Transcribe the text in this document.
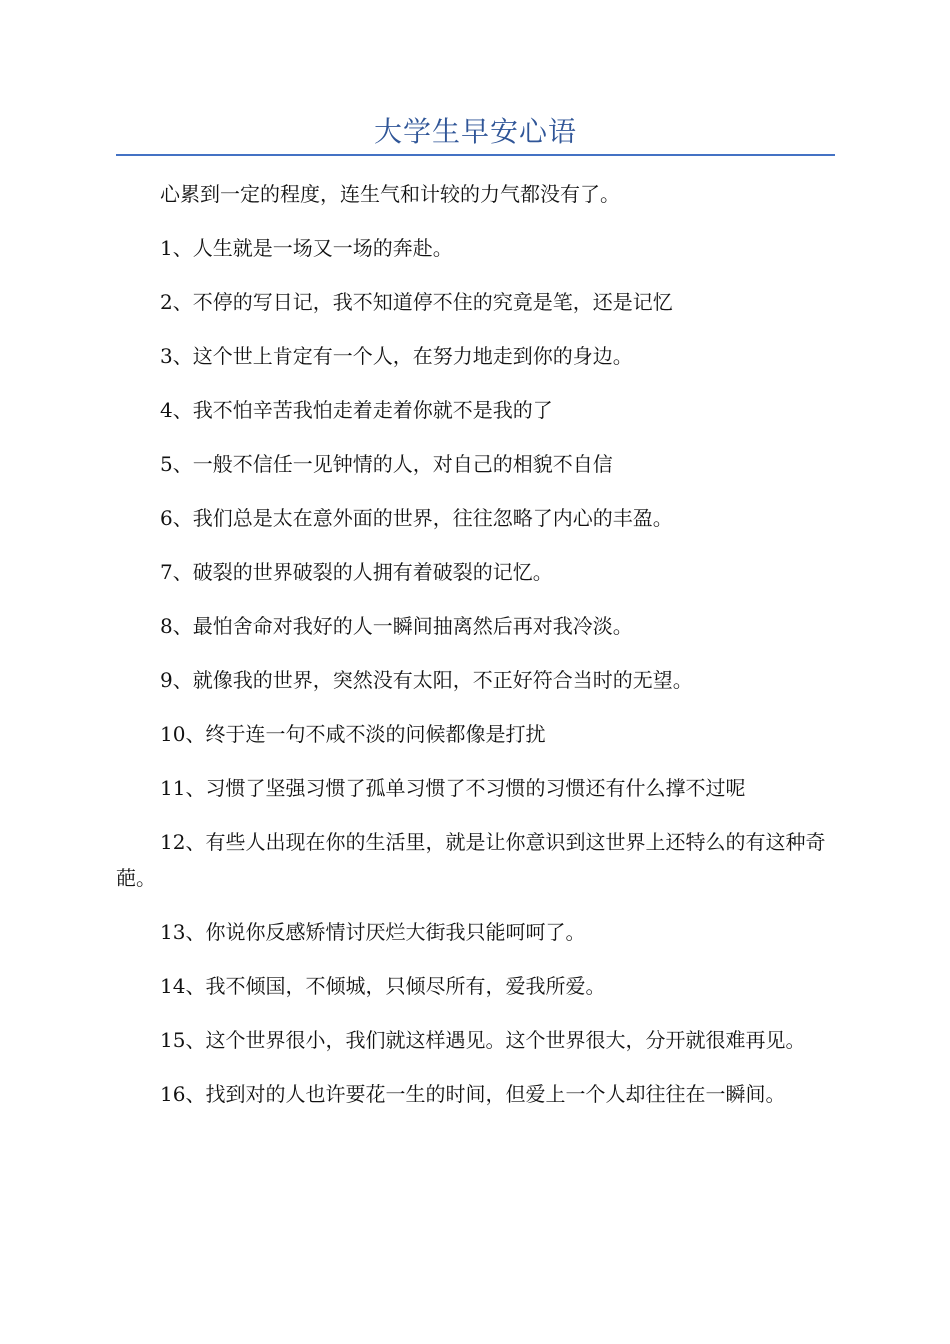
大学生早安心语

心累到一定的程度，连生气和计较的力气都没有了。

1、人生就是一场又一场的奔赴。

2、不停的写日记，我不知道停不住的究竟是笔，还是记忆

3、这个世上肯定有一个人，在努力地走到你的身边。

4、我不怕辛苦我怕走着走着你就不是我的了

5、一般不信任一见钟情的人，对自己的相貌不自信

6、我们总是太在意外面的世界，往往忽略了内心的丰盈。

7、破裂的世界破裂的人拥有着破裂的记忆。

8、最怕舍命对我好的人一瞬间抽离然后再对我冷淡。

9、就像我的世界，突然没有太阳，不正好符合当时的无望。

10、终于连一句不咸不淡的问候都像是打扰

11、习惯了坚强习惯了孤单习惯了不习惯的习惯还有什么撑不过呢

12、有些人出现在你的生活里，就是让你意识到这世界上还特么的有这种奇葩。

13、你说你反感矫情讨厌烂大街我只能呵呵了。

14、我不倾国，不倾城，只倾尽所有，爱我所爱。

15、这个世界很小，我们就这样遇见。这个世界很大，分开就很难再见。

16、找到对的人也许要花一生的时间，但爱上一个人却往往在一瞬间。
